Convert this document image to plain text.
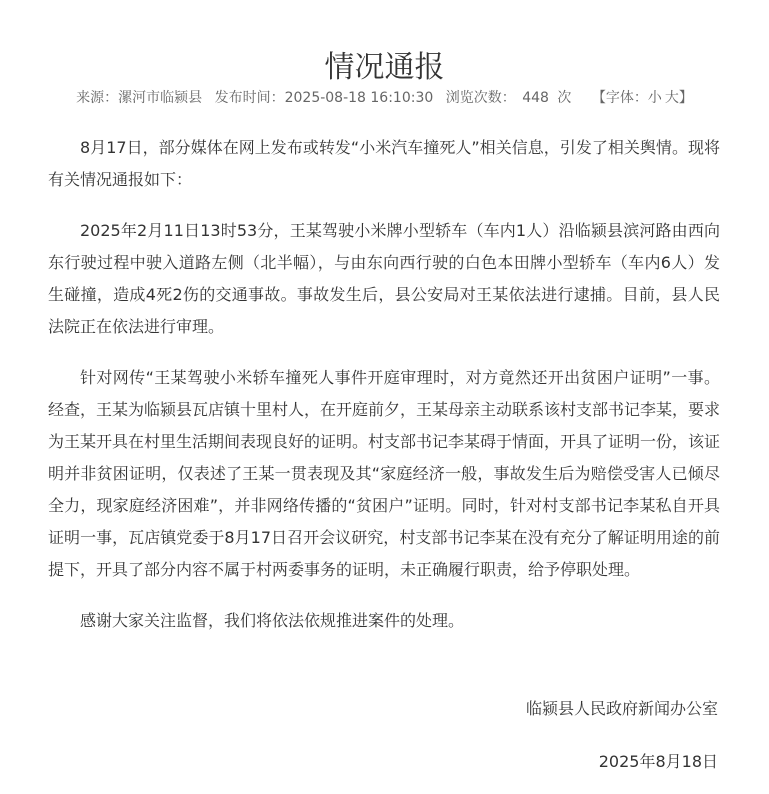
情况通报
来源：漯河市临颍县 发布时间：2025-08-18 16:10:30 浏览次数： 448 次 【字体：小 大】

8月17日，部分媒体在网上发布或转发“小米汽车撞死人”相关信息，引发了相关舆情。现将有关情况通报如下：

2025年2月11日13时53分，王某驾驶小米牌小型轿车（车内1人）沿临颍县滨河路由西向东行驶过程中驶入道路左侧（北半幅），与由东向西行驶的白色本田牌小型轿车（车内6人）发生碰撞，造成4死2伤的交通事故。事故发生后，县公安局对王某依法进行逮捕。目前，县人民法院正在依法进行审理。

针对网传“王某驾驶小米轿车撞死人事件开庭审理时，对方竟然还开出贫困户证明”一事。经查，王某为临颍县瓦店镇十里村人，在开庭前夕，王某母亲主动联系该村支部书记李某，要求为王某开具在村里生活期间表现良好的证明。村支部书记李某碍于情面，开具了证明一份，该证明并非贫困证明，仅表述了王某一贯表现及其“家庭经济一般，事故发生后为赔偿受害人已倾尽全力，现家庭经济困难”，并非网络传播的“贫困户”证明。同时，针对村支部书记李某私自开具证明一事，瓦店镇党委于8月17日召开会议研究，村支部书记李某在没有充分了解证明用途的前提下，开具了部分内容不属于村两委事务的证明，未正确履行职责，给予停职处理。

感谢大家关注监督，我们将依法依规推进案件的处理。

临颍县人民政府新闻办公室
2025年8月18日
